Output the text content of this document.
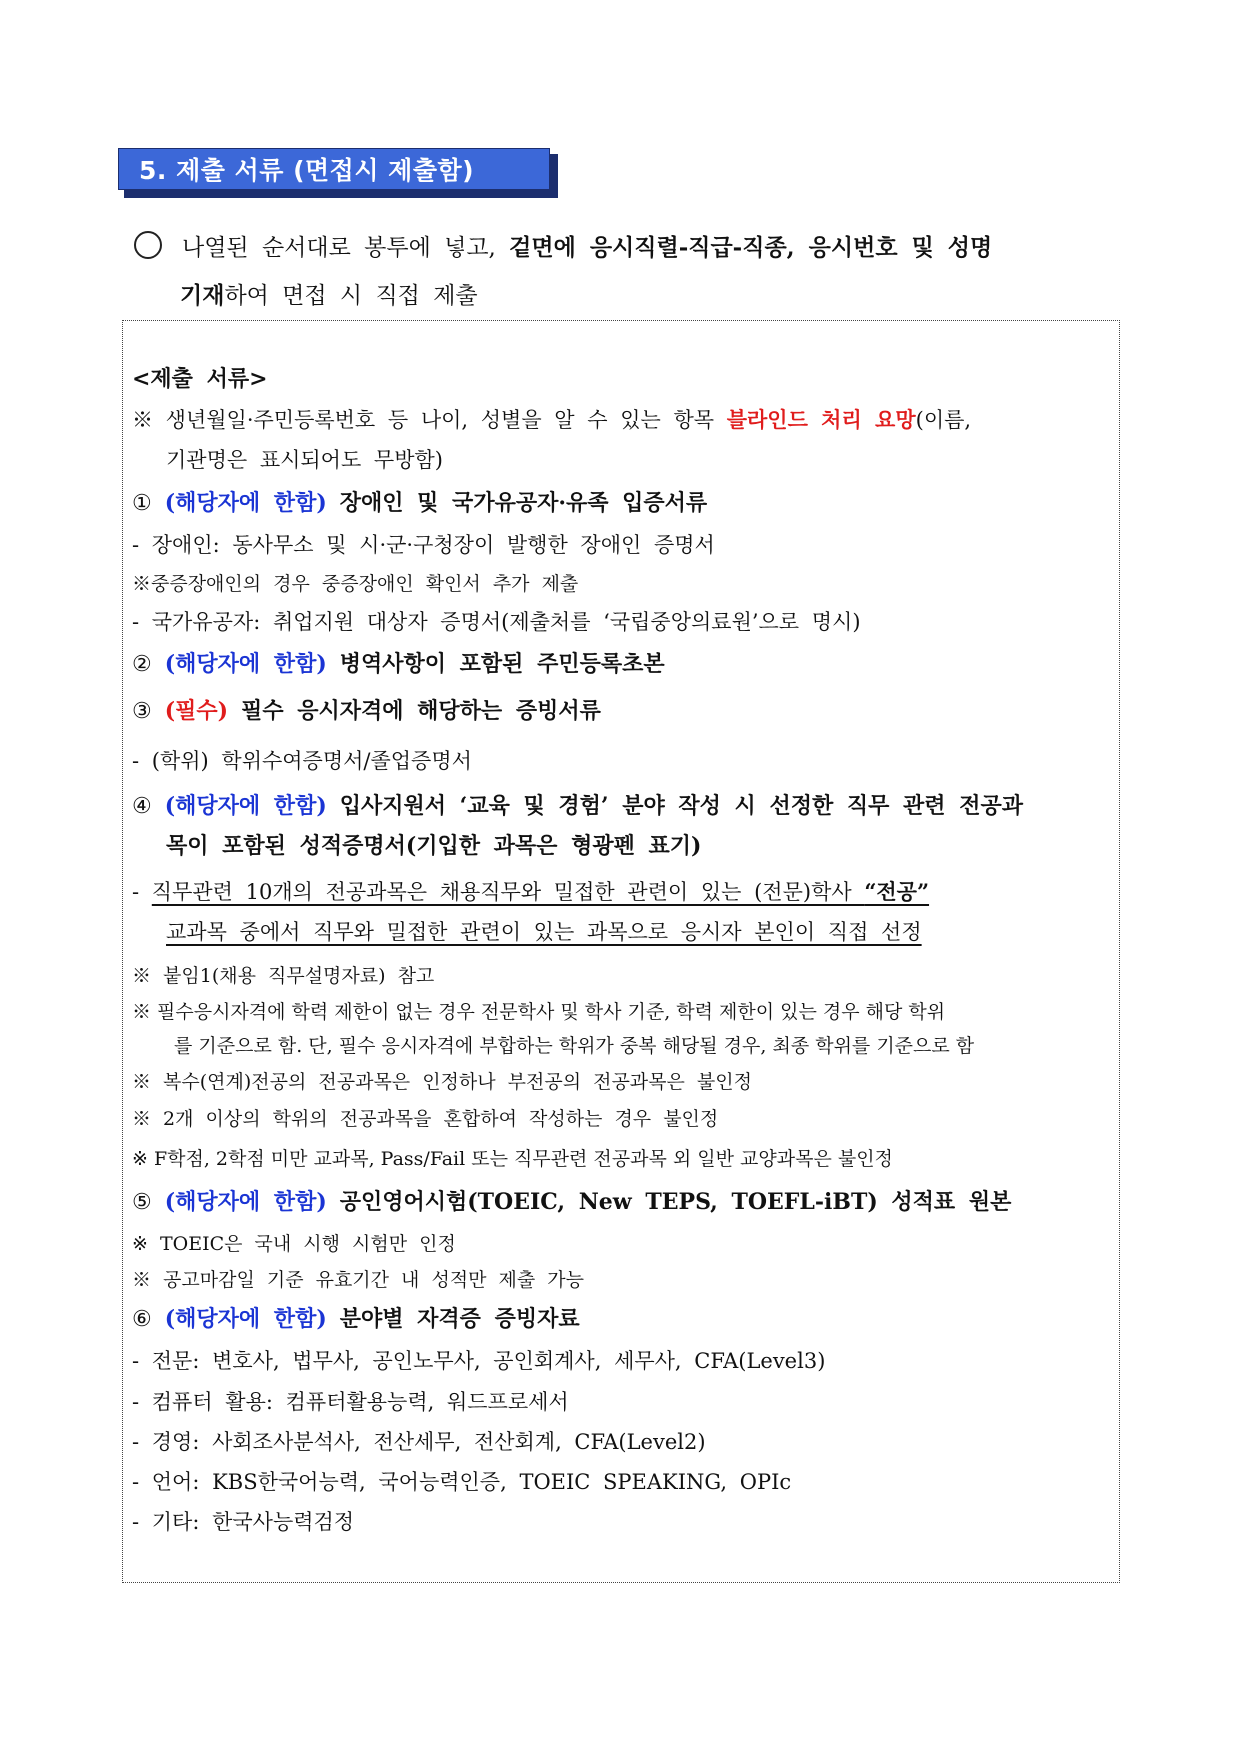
5. 제출 서류 (면접시 제출함)
나열된 순서대로 봉투에 넣고, 겉면에 응시직렬-직급-직종, 응시번호 및 성명
기재하여 면접 시 직접 제출
<제출 서류>
※ 생년월일·주민등록번호 등 나이, 성별을 알 수 있는 항목 블라인드 처리 요망(이름,
기관명은 표시되어도 무방함)
① (해당자에 한함) 장애인 및 국가유공자·유족 입증서류
- 장애인: 동사무소 및 시·군·구청장이 발행한 장애인 증명서
※중증장애인의 경우 중증장애인 확인서 추가 제출
- 국가유공자: 취업지원 대상자 증명서(제출처를 ‘국립중앙의료원’으로 명시)
② (해당자에 한함) 병역사항이 포함된 주민등록초본
③ (필수) 필수 응시자격에 해당하는 증빙서류
- (학위) 학위수여증명서/졸업증명서
④ (해당자에 한함) 입사지원서 ‘교육 및 경험’ 분야 작성 시 선정한 직무 관련 전공과
목이 포함된 성적증명서(기입한 과목은 형광펜 표기)
- 직무관련 10개의 전공과목은 채용직무와 밀접한 관련이 있는 (전문)학사 “전공”
교과목 중에서 직무와 밀접한 관련이 있는 과목으로 응시자 본인이 직접 선정
※ 붙임1(채용 직무설명자료) 참고
※ 필수응시자격에 학력 제한이 없는 경우 전문학사 및 학사 기준, 학력 제한이 있는 경우 해당 학위
를 기준으로 함. 단, 필수 응시자격에 부합하는 학위가 중복 해당될 경우, 최종 학위를 기준으로 함
※ 복수(연계)전공의 전공과목은 인정하나 부전공의 전공과목은 불인정
※ 2개 이상의 학위의 전공과목을 혼합하여 작성하는 경우 불인정
※ F학점, 2학점 미만 교과목, Pass/Fail 또는 직무관련 전공과목 외 일반 교양과목은 불인정
⑤ (해당자에 한함) 공인영어시험(TOEIC, New TEPS, TOEFL-iBT) 성적표 원본
※ TOEIC은 국내 시행 시험만 인정
※ 공고마감일 기준 유효기간 내 성적만 제출 가능
⑥ (해당자에 한함) 분야별 자격증 증빙자료
- 전문: 변호사, 법무사, 공인노무사, 공인회계사, 세무사, CFA(Level3)
- 컴퓨터 활용: 컴퓨터활용능력, 워드프로세서
- 경영: 사회조사분석사, 전산세무, 전산회계, CFA(Level2)
- 언어: KBS한국어능력, 국어능력인증, TOEIC SPEAKING, OPIc
- 기타: 한국사능력검정
